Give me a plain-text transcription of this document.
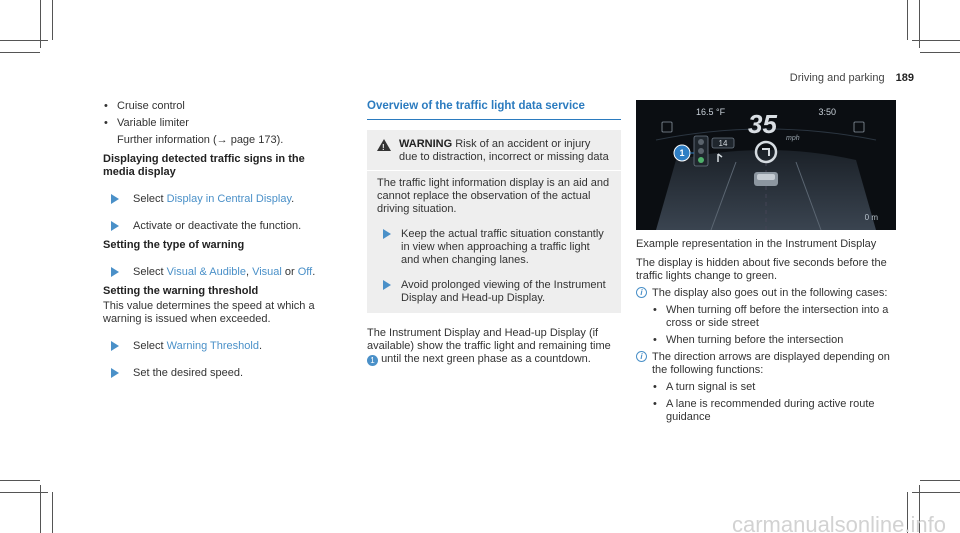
Driving and parking 189
• Cruise control
• Variable limiter

Further information (→ page 173).

Displaying detected traffic signs in the media display
Select Display in Central Display.
Activate or deactivate the function.
Setting the type of warning
Select Visual & Audible, Visual or Off.
Setting the warning threshold

This value determines the speed at which a warning is issued when exceeded.

Select Warning Threshold.
Set the desired speed.
Overview of the traffic light data service
!
WARNING Risk of an accident or injury due to distraction, incorrect or missing data

The traffic light information display is an aid and cannot replace the observation of the actual driving situation.

Keep the actual traffic situation constantly in view when approaching a traffic light and when changing lanes.
Avoid prolonged viewing of the Instrument Display and Head-up Display.

The Instrument Display and Head-up Display (if available) show the traffic light and remaining time 1 until the next green phase as a countdown.

1
14
16.5 °F	3:50
35 mph
0 m

Example representation in the Instrument Display

The display is hidden about five seconds before the traffic lights change to green.

i The display also goes out in the following cases:
• When turning off before the intersection into a cross or side street
• When turning before the intersection
i The direction arrows are displayed depending on the following functions:
• A turn signal is set
• A lane is recommended during active route guidance
carmanualsonline.info
